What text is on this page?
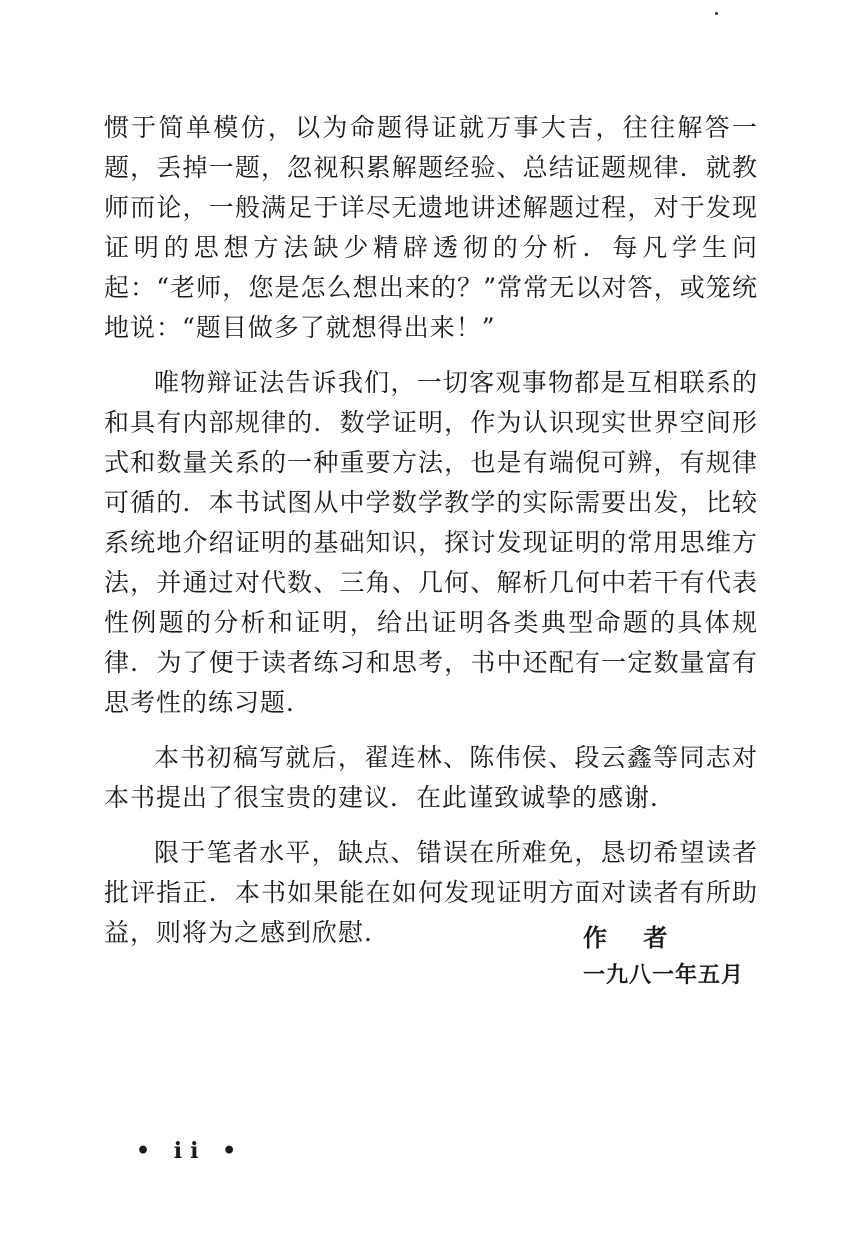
惯于简单模仿，以为命题得证就万事大吉，往往解答一题，丢掉一题，忽视积累解题经验、总结证题规律．就教师而论，一般满足于详尽无遗地讲述解题过程，对于发现证明的思想方法缺少精辟透彻的分析．每凡学生问起：“老师，您是怎么想出来的？”常常无以对答，或笼统地说：“题目做多了就想得出来！”

唯物辩证法告诉我们，一切客观事物都是互相联系的和具有内部规律的．数学证明，作为认识现实世界空间形式和数量关系的一种重要方法，也是有端倪可辨，有规律可循的．本书试图从中学数学教学的实际需要出发，比较系统地介绍证明的基础知识，探讨发现证明的常用思维方法，并通过对代数、三角、几何、解析几何中若干有代表性例题的分析和证明，给出证明各类典型命题的具体规律．为了便于读者练习和思考，书中还配有一定数量富有思考性的练习题．

本书初稿写就后，翟连林、陈伟侯、段云鑫等同志对本书提出了很宝贵的建议．在此谨致诚挚的感谢．

限于笔者水平，缺点、错误在所难免，恳切希望读者批评指正．本书如果能在如何发现证明方面对读者有所助益，则将为之感到欣慰．	作 者
一九八一年五月
• ii •
